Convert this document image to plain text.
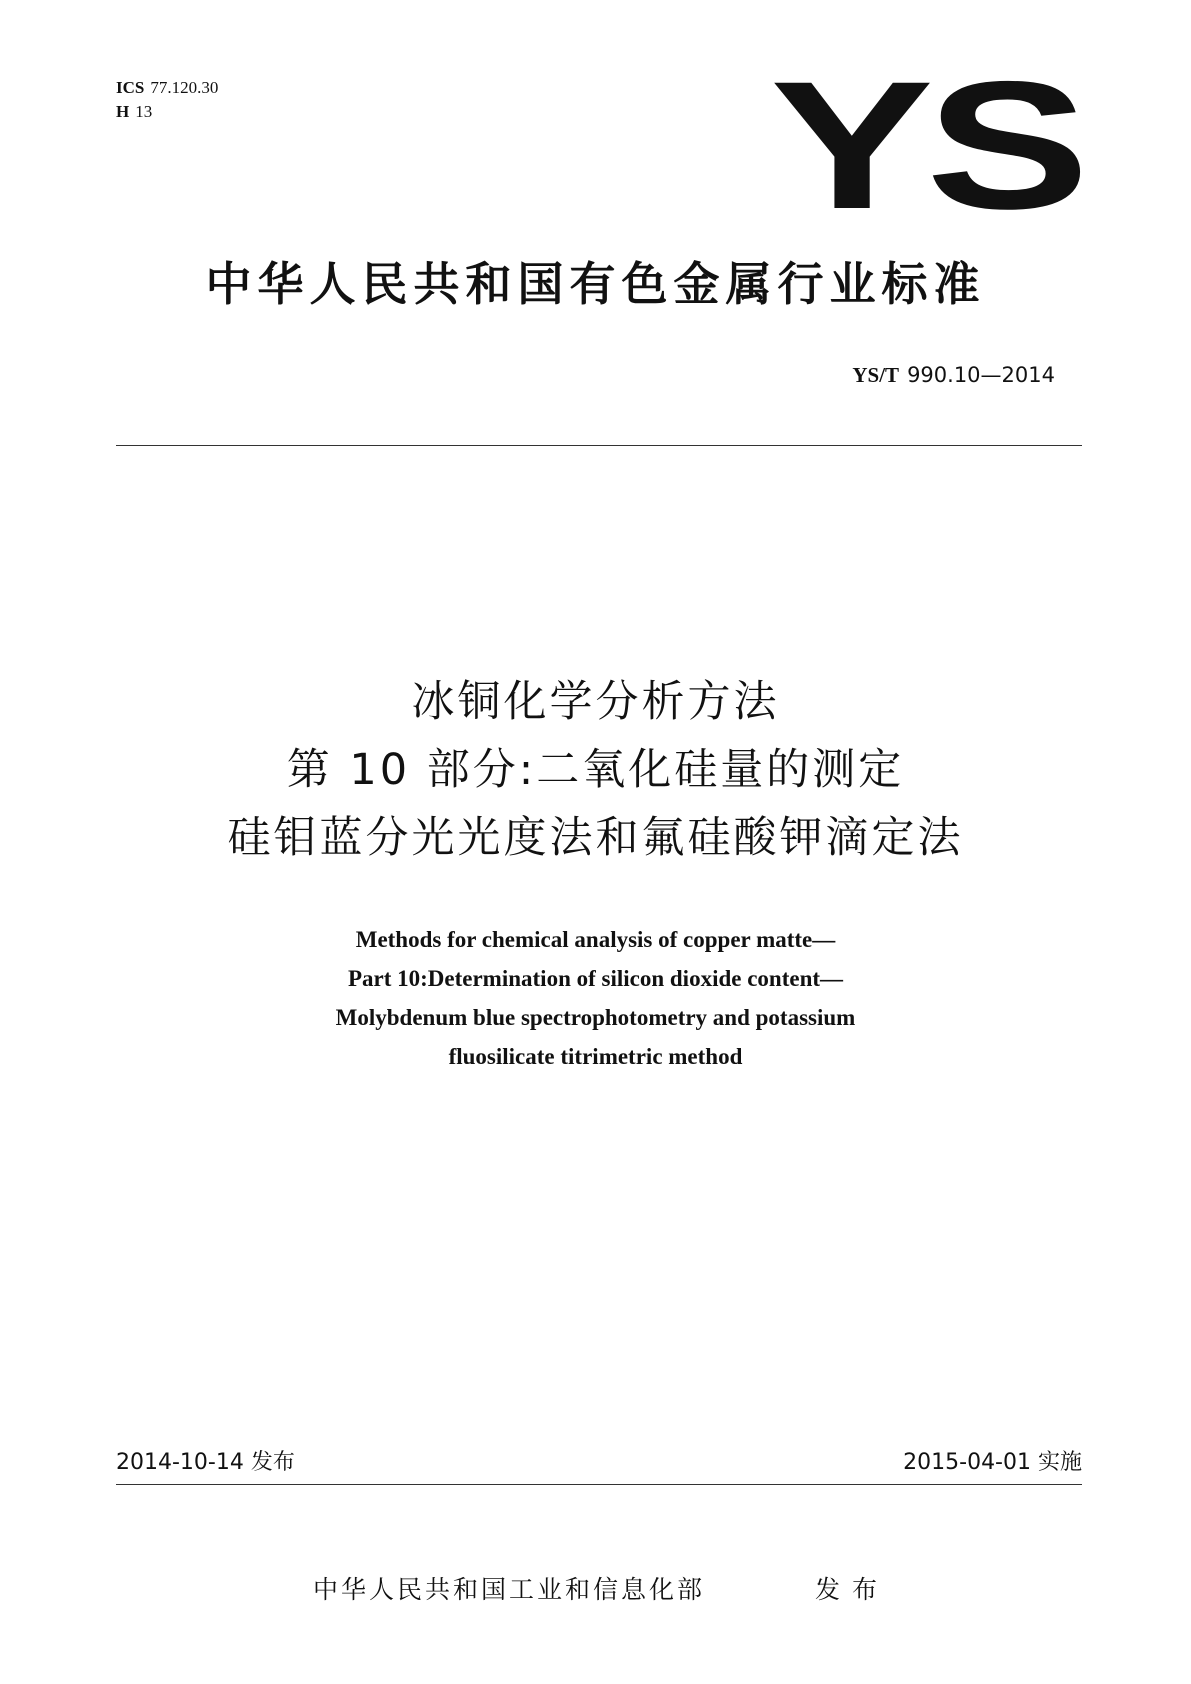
ICS 77.120.30
H 13	YS
中华人民共和国有色金属行业标准
YS/T 990.10—2014
冰铜化学分析方法
第 10 部分:二氧化硅量的测定
硅钼蓝分光光度法和氟硅酸钾滴定法
Methods for chemical analysis of copper matte—
Part 10:Determination of silicon dioxide content—
Molybdenum blue spectrophotometry and potassium
fluosilicate titrimetric method
2014-10-14 发布	2015-04-01 实施
中华人民共和国工业和信息化部	发布
